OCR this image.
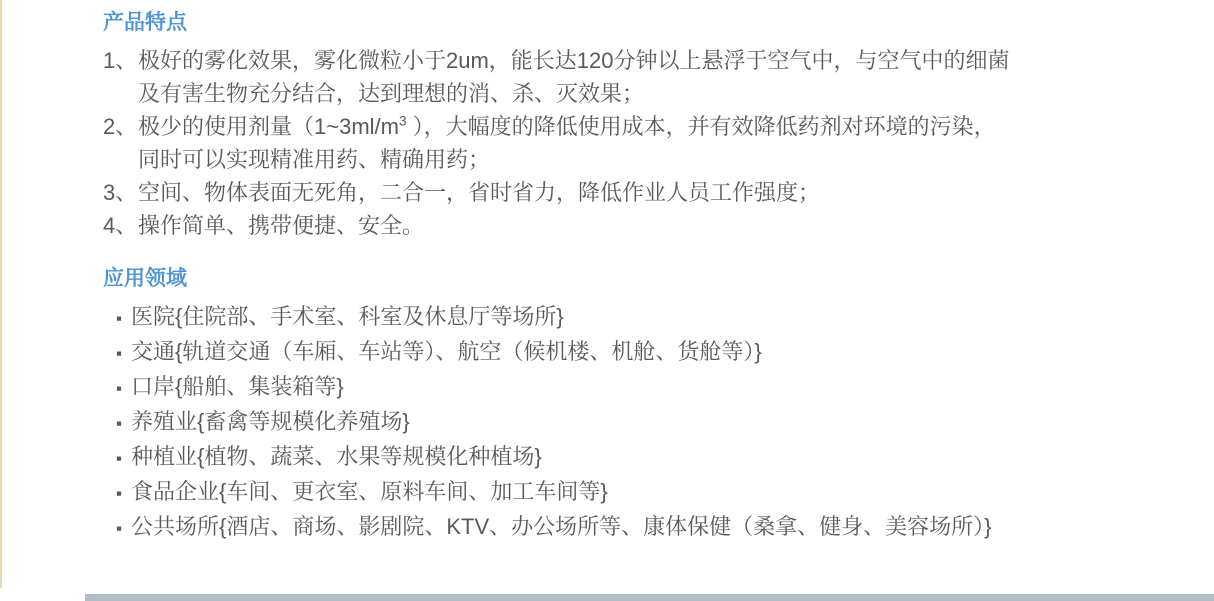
产品特点
1、 极好的雾化效果，雾化微粒小于2um，能长达120分钟以上悬浮于空气中，与空气中的细菌
及有害生物充分结合，达到理想的消、杀、灭效果；
2、 极少的使用剂量（$1\sim 3ml/m^3$ ），大幅度的降低使用成本，并有效降低药剂对环境的污染，
同时可以实现精准用药、精确用药；
3、 空间、物体表面无死角，二合一，省时省力，降低作业人员工作强度；
4、 操作简单、携带便捷、安全。
应用领域
▪ 医院{住院部、手术室、科室及休息厅等场所}
▪ 交通{轨道交通（车厢、车站等）、航空（候机楼、机舱、货舱等）}
▪ 口岸{船舶、集装箱等}
▪ 养殖业{畜禽等规模化养殖场}
▪ 种植业{植物、蔬菜、水果等规模化种植场}
▪ 食品企业{车间、更衣室、原料车间、加工车间等}
▪ 公共场所{酒店、商场、影剧院、KTV、办公场所等、康体保健（桑拿、健身、美容场所）}
